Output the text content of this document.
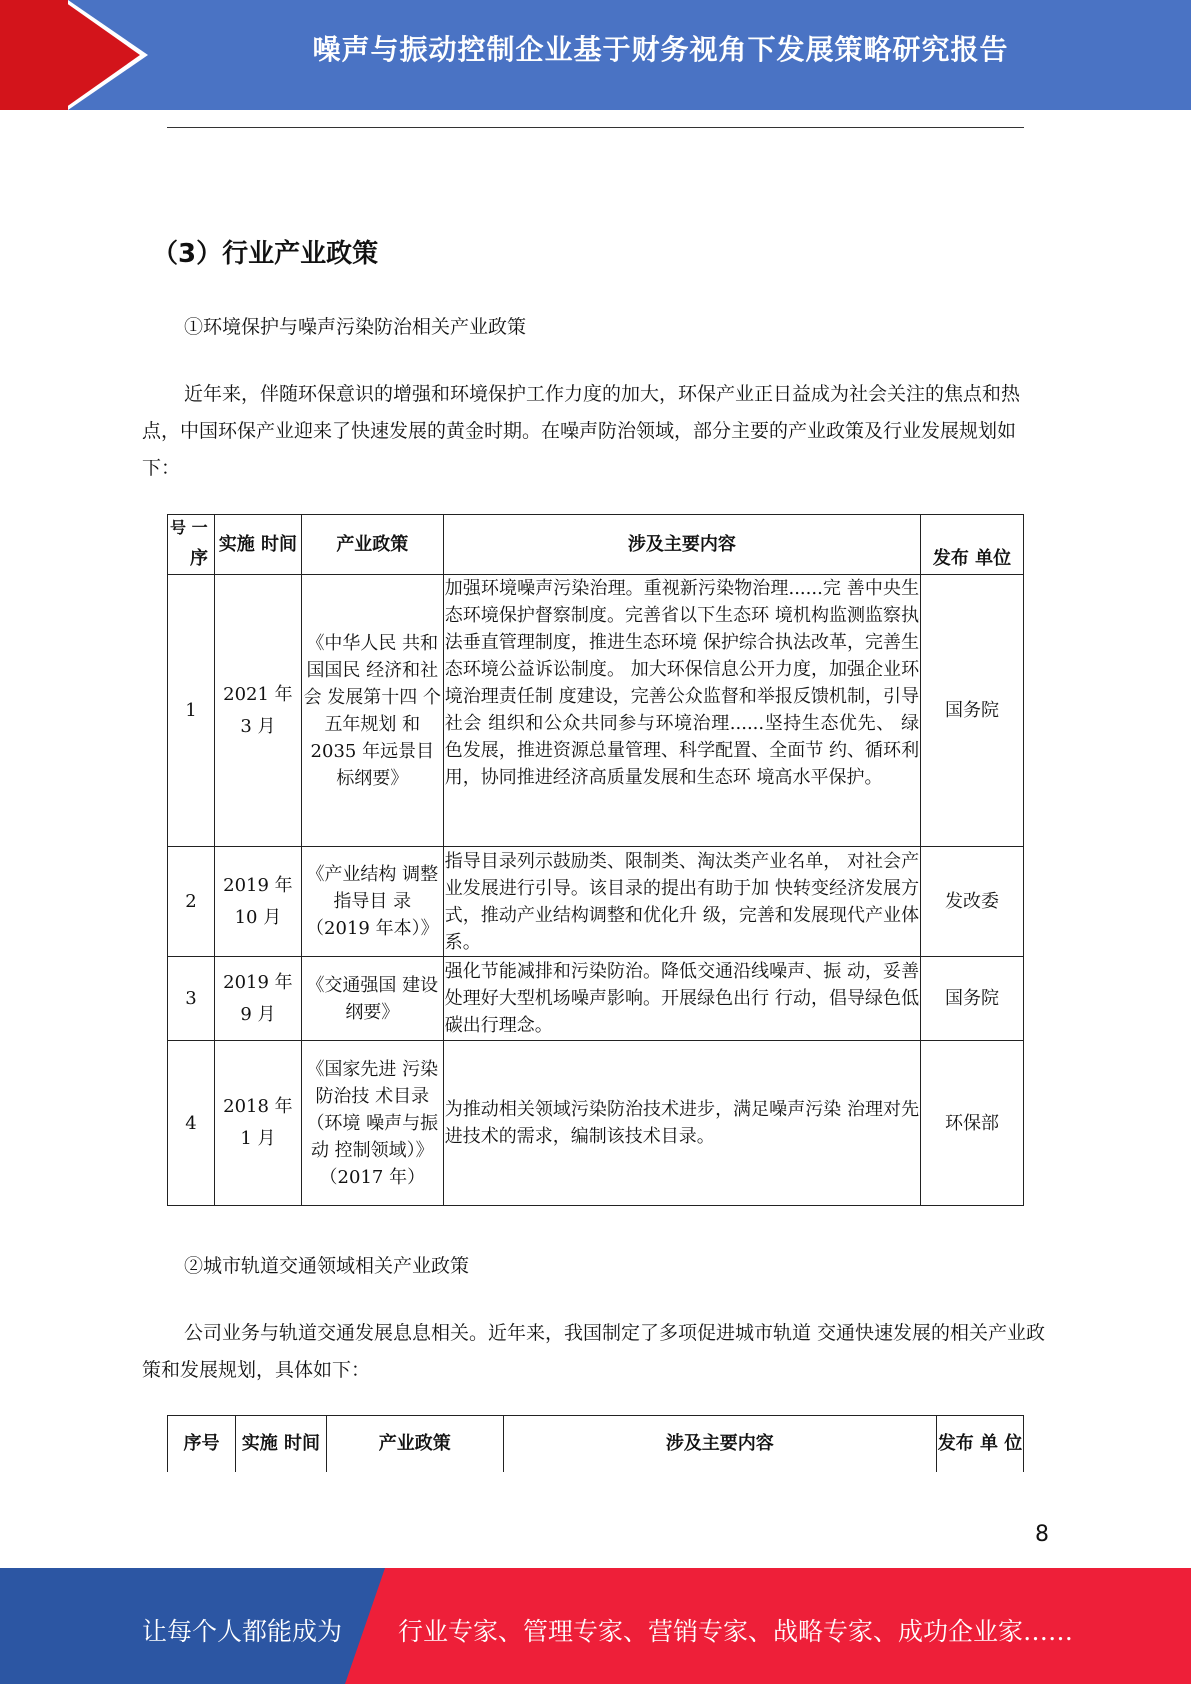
噪声与振动控制企业基于财务视角下发展策略研究报告
（3）行业产业政策
①环境保护与噪声污染防治相关产业政策
近年来，伴随环保意识的增强和环境保护工作力度的加大，环保产业正日益成为社会关注的焦点和热点，中国环保产业迎来了快速发展的黄金时期。在噪声防治领域，部分主要的产业政策及行业发展规划如下：
号 一
序	实施 时间	产业政策	涉及主要内容	发布 单位
1	2021 年 3 月	《中华人民 共和国国民 经济和社会 发展第十四 个五年规划 和 2035 年远景目标纲要》	加强环境噪声污染治理。重视新污染物治理......完 善中央生态环境保护督察制度。完善省以下生态环 境机构监测监察执法垂直管理制度，推进生态环境 保护综合执法改革，完善生态环境公益诉讼制度。 加大环保信息公开力度，加强企业环境治理责任制 度建设，完善公众监督和举报反馈机制，引导社会 组织和公众共同参与环境治理......坚持生态优先、 绿色发展，推进资源总量管理、科学配置、全面节 约、循环利用，协同推进经济高质量发展和生态环 境高水平保护。	国务院
2	2019 年 10 月	《产业结构 调整指导目 录（2019 年本）》	指导目录列示鼓励类、限制类、淘汰类产业名单， 对社会产业发展进行引导。该目录的提出有助于加 快转变经济发展方式，推动产业结构调整和优化升 级，完善和发展现代产业体系。	发改委
3	2019 年 9 月	《交通强国 建设纲要》	强化节能减排和污染防治。降低交通沿线噪声、振 动，妥善处理好大型机场噪声影响。开展绿色出行 行动，倡导绿色低碳出行理念。	国务院
4	2018 年 1 月	《国家先进 污染防治技 术目录（环境 噪声与振动 控制领域）》（2017 年）	为推动相关领域污染防治技术进步，满足噪声污染 治理对先进技术的需求，编制该技术目录。	环保部
②城市轨道交通领域相关产业政策
公司业务与轨道交通发展息息相关。近年来，我国制定了多项促进城市轨道 交通快速发展的相关产业政策和发展规划，具体如下：
序号	实施 时间	产业政策	涉及主要内容	发布 单 位
8
让每个人都能成为 行业专家、管理专家、营销专家、战略专家、成功企业家……
